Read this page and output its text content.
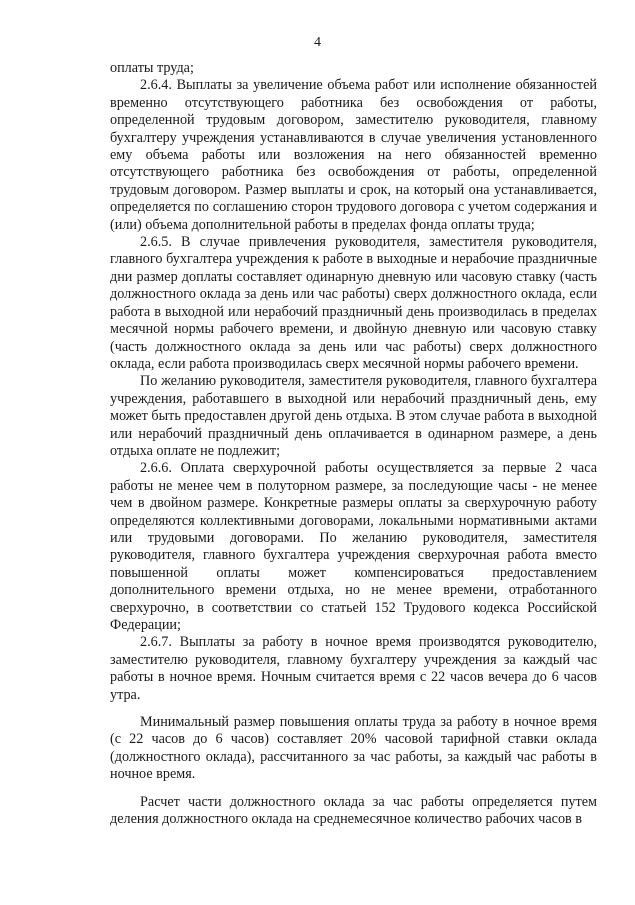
4

оплаты труда;

2.6.4. Выплаты за увеличение объема работ или исполнение обязанностей временно отсутствующего работника без освобождения от работы, определенной трудовым договором, заместителю руководителя, главному бухгалтеру учреждения устанавливаются в случае увеличения установленного ему объема работы или возложения на него обязанностей временно отсутствующего работника без освобождения от работы, определенной трудовым договором. Размер выплаты и срок, на который она устанавливается, определяется по соглашению сторон трудового договора с учетом содержания и (или) объема дополнительной работы в пределах фонда оплаты труда;

2.6.5. В случае привлечения руководителя, заместителя руководителя, главного бухгалтера учреждения к работе в выходные и нерабочие праздничные дни размер доплаты составляет одинарную дневную или часовую ставку (часть должностного оклада за день или час работы) сверх должностного оклада, если работа в выходной или нерабочий праздничный день производилась в пределах месячной нормы рабочего времени, и двойную дневную или часовую ставку (часть должностного оклада за день или час работы) сверх должностного оклада, если работа производилась сверх месячной нормы рабочего времени.

По желанию руководителя, заместителя руководителя, главного бухгалтера учреждения, работавшего в выходной или нерабочий праздничный день, ему может быть предоставлен другой день отдыха. В этом случае работа в выходной или нерабочий праздничный день оплачивается в одинарном размере, а день отдыха оплате не подлежит;

2.6.6. Оплата сверхурочной работы осуществляется за первые 2 часа работы не менее чем в полуторном размере, за последующие часы - не менее чем в двойном размере. Конкретные размеры оплаты за сверхурочную работу определяются коллективными договорами, локальными нормативными актами или трудовыми договорами. По желанию руководителя, заместителя руководителя, главного бухгалтера учреждения сверхурочная работа вместо повышенной оплаты может компенсироваться предоставлением дополнительного времени отдыха, но не менее времени, отработанного сверхурочно, в соответствии со статьей 152 Трудового кодекса Российской Федерации;

2.6.7. Выплаты за работу в ночное время производятся руководителю, заместителю руководителя, главному бухгалтеру учреждения за каждый час работы в ночное время. Ночным считается время с 22 часов вечера до 6 часов утра.

Минимальный размер повышения оплаты труда за работу в ночное время (с 22 часов до 6 часов) составляет 20% часовой тарифной ставки оклада (должностного оклада), рассчитанного за час работы, за каждый час работы в ночное время.

Расчет части должностного оклада за час работы определяется путем деления должностного оклада на среднемесячное количество рабочих часов в
